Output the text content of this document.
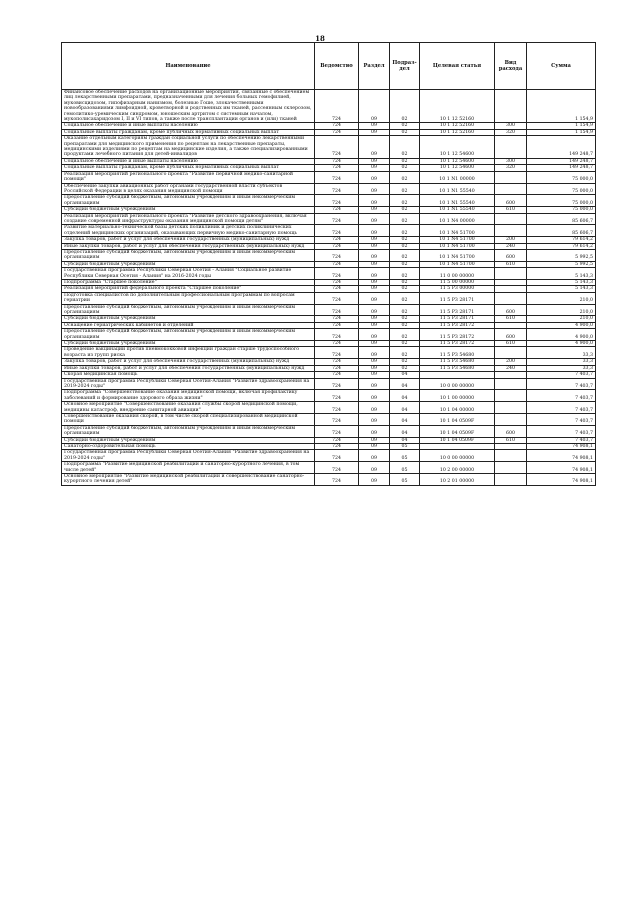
18
Наименование	Ведомство	Раздел	Подраз-дел	Целевая статья	Вид расхода	Сумма
Финансовое обеспечение расходов на организационные мероприятия, связанные с обеспечением лиц лекарственными препаратами, предназначенными для лечения больных гемофилией, муковисцидозом, гипофизарным нанизмом, болезнью Гоше, злокачественными новообразованиями лимфоидной, кроветворной и родственных им тканей, рассеянным склерозом, гемолитико-уремическим синдромом, юношеским артритом с системным началом, мукополисахаридозом I, II и VI типов, а также после трансплантации органов и (или) тканей	724	09	02	10 1 12 52160		1 154,9
Социальное обеспечение и иные выплаты населению	724	09	02	10 1 12 52160	300	1 154,9
Социальные выплаты гражданам, кроме публичных нормативных социальных выплат	724	09	02	10 1 12 52160	320	1 154,9
Оказание отдельным категориям граждан социальной услуги по обеспечению лекарственными препаратами для медицинского применения по рецептам на лекарственные препараты, медицинскими изделиями по рецептам на медицинские изделия, а также специализированными продуктами лечебного питания для детей-инвалидов	724	09	02	10 1 12 54600		149 248,7
Социальное обеспечение и иные выплаты населению	724	09	02	10 1 12 54600	300	149 248,7
Социальные выплаты гражданам, кроме публичных нормативных социальных выплат	724	09	02	10 1 12 54600	320	149 248,7
Реализация мероприятий регионального проекта "Развитие первичной медико-санитарной помощи"	724	09	02	10 1 N1 00000		75 000,0
Обеспечение закупки авиационных работ органами государственной власти субъектов Российской Федерации в целях оказания медицинской помощи	724	09	02	10 1 N1 55540		75 000,0
Предоставление субсидий бюджетным, автономным учреждениям и иным некоммерческим организациям	724	09	02	10 1 N1 55540	600	75 000,0
Субсидии бюджетным учреждениям	724	09	02	10 1 N1 55540	610	75 000,0
Реализация мероприятий регионального проекта "Развитие детского здравоохранения, включая создание современной инфраструктуры оказания медицинской помощи детям"	724	09	02	10 1 N4 00000		85 606,7
Развитие материально-технической базы детских поликлиник и детских поликлинических отделений медицинских организаций, оказывающих первичную медико-санитарную помощь	724	09	02	10 1 N4 51700		85 606,7
Закупка товаров, работ и услуг для обеспечения государственных (муниципальных) нужд	724	09	02	10 1 N4 51700	200	79 614,2
Иные закупки товаров, работ и услуг для обеспечения государственных (муниципальных) нужд	724	09	02	10 1 N4 51700	240	79 614,2
Предоставление субсидий бюджетным, автономным учреждениям и иным некоммерческим организациям	724	09	02	10 1 N4 51700	600	5 992,5
Субсидии бюджетным учреждениям	724	09	02	10 1 N4 51700	610	5 992,5
Государственная программа Республики Северная Осетия - Алания "Социальное развитие Республики Северная Осетия - Алания" на 2016-2024 годы	724	09	02	11 0 00 00000		5 143,3
Подпрограмма "Старшее поколение"	724	09	02	11 5 00 00000		5 143,3
Реализация мероприятий федерального проекта "Старшее поколение"	724	09	02	11 5 P3 00000		5 143,3
Подготовка специалистов по дополнительным профессиональным программам по вопросам гериатрии	724	09	02	11 5 P3 28171		210,0
Предоставление субсидий бюджетным, автономным учреждениям и иным некоммерческим организациям	724	09	02	11 5 P3 28171	600	210,0
Субсидии бюджетным учреждениям	724	09	02	11 5 P3 28171	610	210,0
Оснащение гериатрических кабинетов и отделений	724	09	02	11 5 P3 28172		4 900,0
Предоставление субсидий бюджетным, автономным учреждениям и иным некоммерческим организациям	724	09	02	11 5 P3 28172	600	4 900,0
Субсидии бюджетным учреждениям	724	09	02	11 5 P3 28172	610	4 900,0
Проведение вакцинации против пневмококковой инфекции граждан старше трудоспособного возраста из групп риска	724	09	02	11 5 P3 54680		33,3
Закупка товаров, работ и услуг для обеспечения государственных (муниципальных) нужд	724	09	02	11 5 P3 54680	200	33,3
Иные закупки товаров, работ и услуг для обеспечения государственных (муниципальных) нужд	724	09	02	11 5 P3 54680	240	33,3
Скорая медицинская помощь	724	09	04			7 403,7
Государственная программа Республики Северная Осетия-Алания "Развитие здравоохранения на 2019-2024 годы"	724	09	04	10 0 00 00000		7 403,7
Подпрограмма "Совершенствование оказания медицинской помощи, включая профилактику заболеваний и формирование здорового образа жизни"	724	09	04	10 1 00 00000		7 403,7
Основное мероприятие "Совершенствование оказания службы скорой медицинской помощи, медицины катастроф, внедрение санитарной авиации"	724	09	04	10 1 04 00000		7 403,7
Совершенствование оказания скорой, в том числе скорой специализированной медицинской помощи	724	09	04	10 1 04 0509F		7 403,7
Предоставление субсидий бюджетным, автономным учреждениям и иным некоммерческим организациям	724	09	04	10 1 04 0509F	600	7 403,7
Субсидии бюджетным учреждениям	724	09	04	10 1 04 0509F	610	7 403,7
Санаторно-оздоровительная помощь	724	09	05			74 908,1
Государственная программа Республики Северная Осетия-Алания "Развитие здравоохранения на 2019-2024 годы"	724	09	05	10 0 00 00000		74 908,1
Подпрограмма "Развитие медицинской реабилитации и санаторно-курортного лечения, в том числе детей"	724	09	05	10 2 00 00000		74 908,1
Основное мероприятие "Развитие медицинской реабилитации и совершенствование санаторно-курортного лечения детей"	724	09	05	10 2 01 00000		74 908,1
